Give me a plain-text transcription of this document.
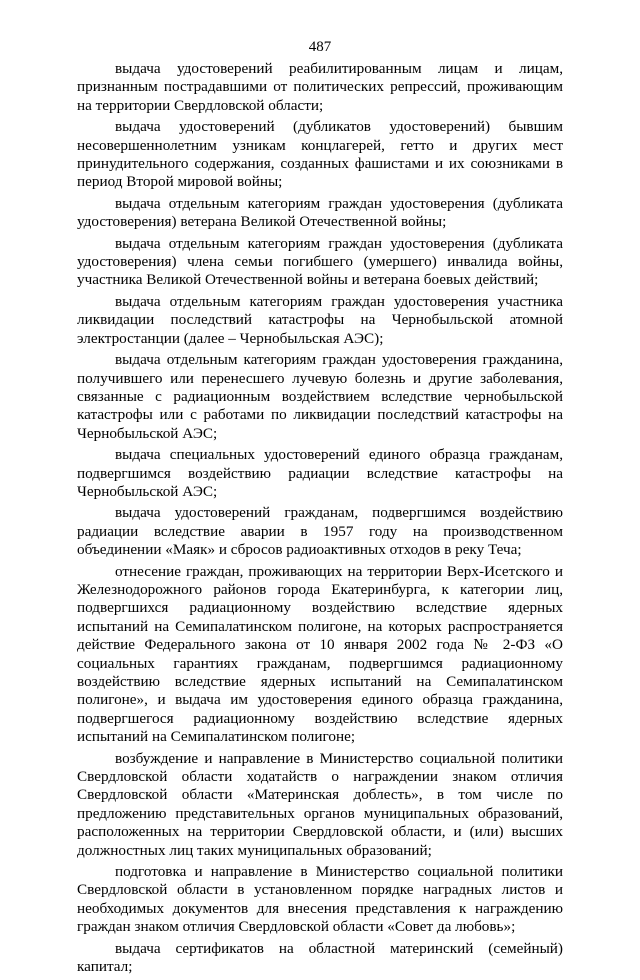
487

выдача удостоверений реабилитированным лицам и лицам, признанным пострадавшими от политических репрессий, проживающим на территории Свердловской области;

выдача удостоверений (дубликатов удостоверений) бывшим несовершеннолетним узникам концлагерей, гетто и других мест принудительного содержания, созданных фашистами и их союзниками в период Второй мировой войны;

выдача отдельным категориям граждан удостоверения (дубликата удостоверения) ветерана Великой Отечественной войны;

выдача отдельным категориям граждан удостоверения (дубликата удостоверения) члена семьи погибшего (умершего) инвалида войны, участника Великой Отечественной войны и ветерана боевых действий;

выдача отдельным категориям граждан удостоверения участника ликвидации последствий катастрофы на Чернобыльской атомной электростанции (далее – Чернобыльская АЭС);

выдача отдельным категориям граждан удостоверения гражданина, получившего или перенесшего лучевую болезнь и другие заболевания, связанные с радиационным воздействием вследствие чернобыльской катастрофы или с работами по ликвидации последствий катастрофы на Чернобыльской АЭС;

выдача специальных удостоверений единого образца гражданам, подвергшимся воздействию радиации вследствие катастрофы на Чернобыльской АЭС;

выдача удостоверений гражданам, подвергшимся воздействию радиации вследствие аварии в 1957 году на производственном объединении «Маяк» и сбросов радиоактивных отходов в реку Теча;

отнесение граждан, проживающих на территории Верх-Исетского и Железнодорожного районов города Екатеринбурга, к категории лиц, подвергшихся радиационному воздействию вследствие ядерных испытаний на Семипалатинском полигоне, на которых распространяется действие Федерального закона от 10 января 2002 года № 2-ФЗ «О социальных гарантиях гражданам, подвергшимся радиационному воздействию вследствие ядерных испытаний на Семипалатинском полигоне», и выдача им удостоверения единого образца гражданина, подвергшегося радиационному воздействию вследствие ядерных испытаний на Семипалатинском полигоне;

возбуждение и направление в Министерство социальной политики Свердловской области ходатайств о награждении знаком отличия Свердловской области «Материнская доблесть», в том числе по предложению представительных органов муниципальных образований, расположенных на территории Свердловской области, и (или) высших должностных лиц таких муниципальных образований;

подготовка и направление в Министерство социальной политики Свердловской области в установленном порядке наградных листов и необходимых документов для внесения представления к награждению граждан знаком отличия Свердловской области «Совет да любовь»;

выдача сертификатов на областной материнский (семейный) капитал;
